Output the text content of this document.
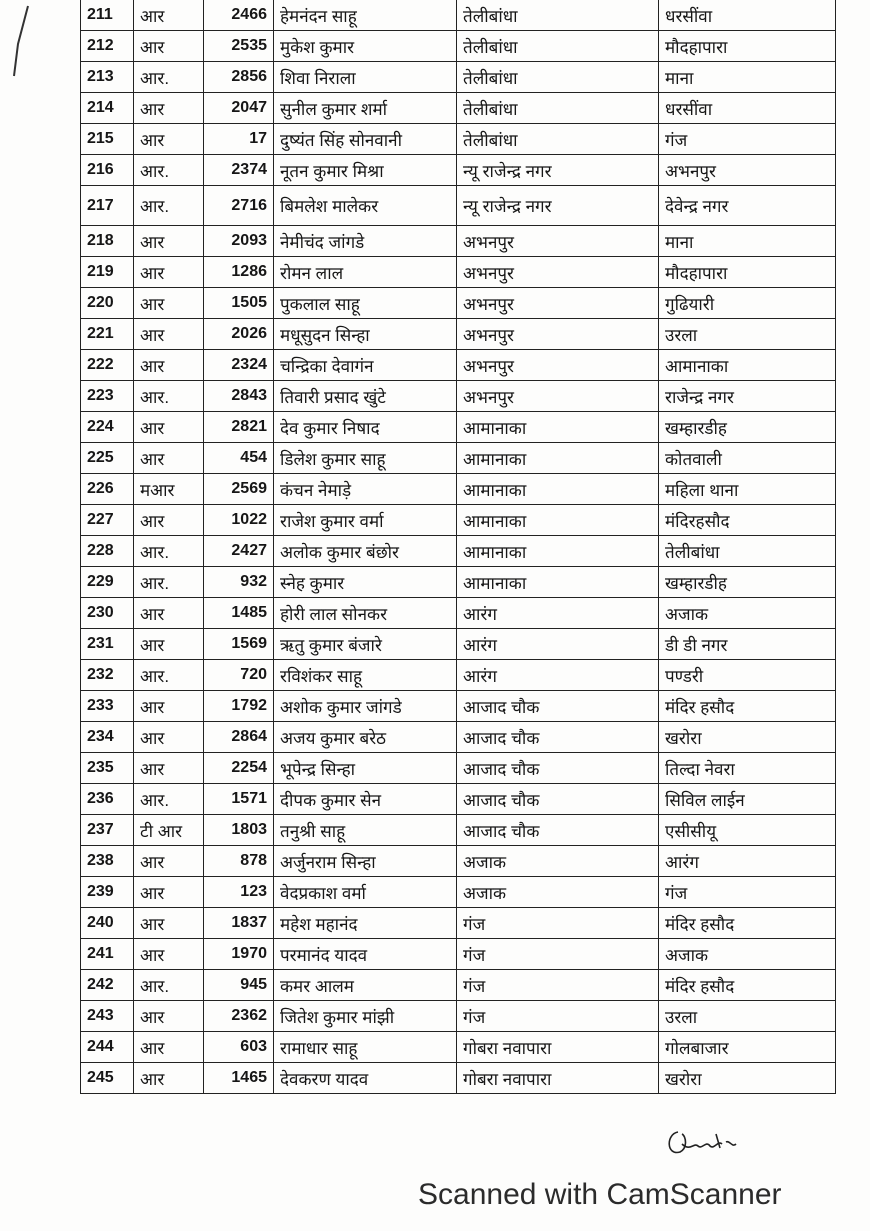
211	आर	2466	हेमनंदन साहू	तेलीबांधा	धरसींवा
212	आर	2535	मुकेश कुमार	तेलीबांधा	मौदहापारा
213	आर.	2856	शिवा निराला	तेलीबांधा	माना
214	आर	2047	सुनील कुमार शर्मा	तेलीबांधा	धरसींवा
215	आर	17	दुष्यंत सिंह सोनवानी	तेलीबांधा	गंज
216	आर.	2374	नूतन कुमार मिश्रा	न्यू राजेन्द्र नगर	अभनपुर
217	आर.	2716	बिमलेश मालेकर	न्यू राजेन्द्र नगर	देवेन्द्र नगर
218	आर	2093	नेमीचंद जांगडे	अभनपुर	माना
219	आर	1286	रोमन लाल	अभनपुर	मौदहापारा
220	आर	1505	पुकलाल साहू	अभनपुर	गुढियारी
221	आर	2026	मधूसुदन सिन्हा	अभनपुर	उरला
222	आर	2324	चन्द्रिका देवागंन	अभनपुर	आमानाका
223	आर.	2843	तिवारी प्रसाद खुंटे	अभनपुर	राजेन्द्र नगर
224	आर	2821	देव कुमार निषाद	आमानाका	खम्हारडीह
225	आर	454	डिलेश कुमार साहू	आमानाका	कोतवाली
226	मआर	2569	कंचन नेमाड़े	आमानाका	महिला थाना
227	आर	1022	राजेश कुमार वर्मा	आमानाका	मंदिरहसौद
228	आर.	2427	अलोक कुमार बंछोर	आमानाका	तेलीबांधा
229	आर.	932	स्नेह कुमार	आमानाका	खम्हारडीह
230	आर	1485	होरी लाल सोनकर	आरंग	अजाक
231	आर	1569	ऋतु कुमार बंजारे	आरंग	डी डी नगर
232	आर.	720	रविशंकर साहू	आरंग	पण्डरी
233	आर	1792	अशोक कुमार जांगडे	आजाद चौक	मंदिर हसौद
234	आर	2864	अजय कुमार बरेठ	आजाद चौक	खरोरा
235	आर	2254	भूपेन्द्र सिन्हा	आजाद चौक	तिल्दा नेवरा
236	आर.	1571	दीपक कुमार सेन	आजाद चौक	सिविल लाईन
237	टी आर	1803	तनुश्री साहू	आजाद चौक	एसीसीयू
238	आर	878	अर्जुनराम सिन्हा	अजाक	आरंग
239	आर	123	वेदप्रकाश वर्मा	अजाक	गंज
240	आर	1837	महेश महानंद	गंज	मंदिर हसौद
241	आर	1970	परमानंद यादव	गंज	अजाक
242	आर.	945	कमर आलम	गंज	मंदिर हसौद
243	आर	2362	जितेश कुमार मांझी	गंज	उरला
244	आर	603	रामाधार साहू	गोबरा नवापारा	गोलबाजार
245	आर	1465	देवकरण यादव	गोबरा नवापारा	खरोरा
Scanned with CamScanner
